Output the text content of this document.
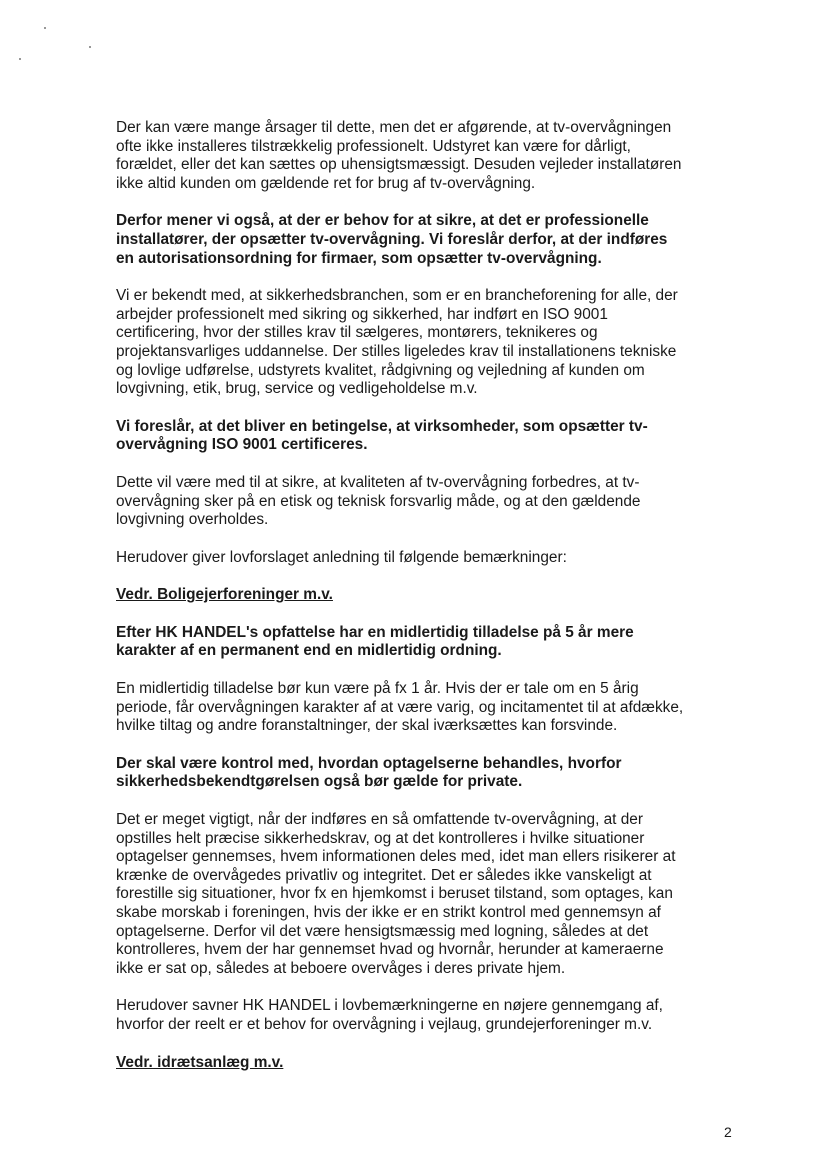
Der kan være mange årsager til dette, men det er afgørende, at tv-overvågningen
ofte ikke installeres tilstrækkelig professionelt. Udstyret kan være for dårligt,
forældet, eller det kan sættes op uhensigtsmæssigt. Desuden vejleder installatøren
ikke altid kunden om gældende ret for brug af tv-overvågning.

Derfor mener vi også, at der er behov for at sikre, at det er professionelle
installatører, der opsætter tv-overvågning. Vi foreslår derfor, at der indføres
en autorisationsordning for firmaer, som opsætter tv-overvågning.

Vi er bekendt med, at sikkerhedsbranchen, som er en brancheforening for alle, der
arbejder professionelt med sikring og sikkerhed, har indført en ISO 9001
certificering, hvor der stilles krav til sælgeres, montørers, teknikeres og
projektansvarliges uddannelse. Der stilles ligeledes krav til installationens tekniske
og lovlige udførelse, udstyrets kvalitet, rådgivning og vejledning af kunden om
lovgivning, etik, brug, service og vedligeholdelse m.v.

Vi foreslår, at det bliver en betingelse, at virksomheder, som opsætter tv-
overvågning ISO 9001 certificeres.

Dette vil være med til at sikre, at kvaliteten af tv-overvågning forbedres, at tv-
overvågning sker på en etisk og teknisk forsvarlig måde, og at den gældende
lovgivning overholdes.

Herudover giver lovforslaget anledning til følgende bemærkninger:

Vedr. Boligejerforeninger m.v.

Efter HK HANDEL's opfattelse har en midlertidig tilladelse på 5 år mere
karakter af en permanent end en midlertidig ordning.

En midlertidig tilladelse bør kun være på fx 1 år. Hvis der er tale om en 5 årig
periode, får overvågningen karakter af at være varig, og incitamentet til at afdække,
hvilke tiltag og andre foranstaltninger, der skal iværksættes kan forsvinde.

Der skal være kontrol med, hvordan optagelserne behandles, hvorfor
sikkerhedsbekendtgørelsen også bør gælde for private.

Det er meget vigtigt, når der indføres en så omfattende tv-overvågning, at der
opstilles helt præcise sikkerhedskrav, og at det kontrolleres i hvilke situationer
optagelser gennemses, hvem informationen deles med, idet man ellers risikerer at
krænke de overvågedes privatliv og integritet. Det er således ikke vanskeligt at
forestille sig situationer, hvor fx en hjemkomst i beruset tilstand, som optages, kan
skabe morskab i foreningen, hvis der ikke er en strikt kontrol med gennemsyn af
optagelserne. Derfor vil det være hensigtsmæssig med logning, således at det
kontrolleres, hvem der har gennemset hvad og hvornår, herunder at kameraerne
ikke er sat op, således at beboere overvåges i deres private hjem.

Herudover savner HK HANDEL i lovbemærkningerne en nøjere gennemgang af,
hvorfor der reelt er et behov for overvågning i vejlaug, grundejerforeninger m.v.

Vedr. idrætsanlæg m.v.

2
